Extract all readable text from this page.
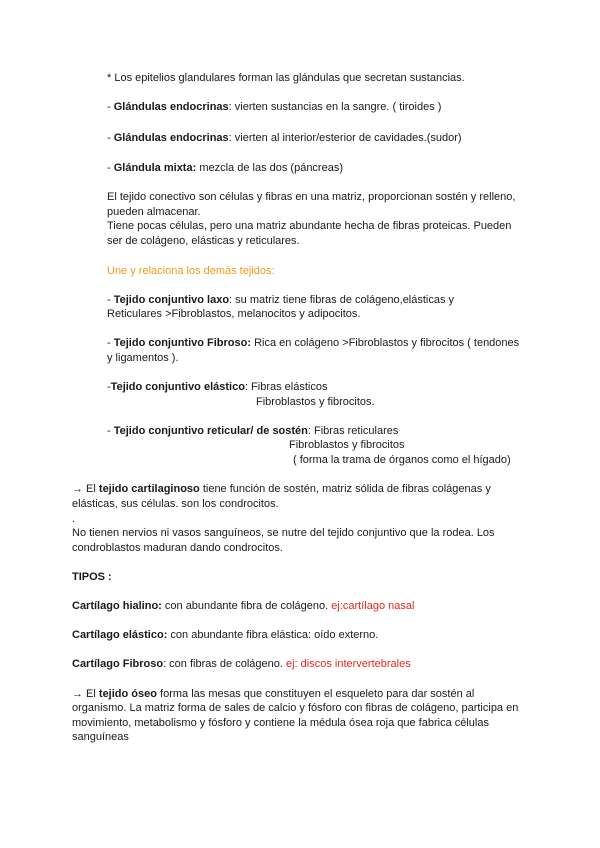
* Los epitelios glandulares forman las glándulas que secretan sustancias.
- Glándulas endocrinas: vierten sustancias en la sangre. ( tiroides )
- Glándulas endocrinas: vierten al interior/esterior de cavidades.(sudor)
- Glándula mixta: mezcla de las dos (páncreas)
El tejido conectivo son células y fibras en una matriz, proporcionan sostén y relleno,
pueden almacenar.
Tiene pocas células, pero una matriz abundante hecha de fibras proteicas. Pueden
ser de colágeno, elásticas y reticulares.
Une y relaciona los demás tejidos:
- Tejido conjuntivo laxo: su matriz tiene fibras de colágeno,elásticas y
Reticulares >Fibroblastos, melanocitos y adipocitos.
- Tejido conjuntivo Fibroso: Rica en colágeno >Fibroblastos y fibrocitos ( tendones
y ligamentos ).
-Tejido conjuntivo elástico: Fibras elásticos
Fibroblastos y fibrocitos.
- Tejido conjuntivo reticular/ de sostén: Fibras reticulares
Fibroblastos y fibrocitos
( forma la trama de órganos como el hígado)
→ El tejido cartilaginoso tiene función de sostén, matriz sólida de fibras colágenas y
elásticas, sus células. son los condrocitos.
.
No tienen nervios ni vasos sanguíneos, se nutre del tejido conjuntivo que la rodea. Los
condroblastos maduran dando condrocitos.
TIPOS :
Cartílago hialino: con abundante fibra de colágeno. ej:cartílago nasal
Cartílago elástico: con abundante fibra elástica: oído externo.
Cartílago Fibroso: con fibras de colágeno. ej: discos intervertebrales
→ El tejido óseo forma las mesas que constituyen el esqueleto para dar sostén al
organismo. La matriz forma de sales de calcio y fósforo con fibras de colágeno, participa en
movimiento, metabolismo y fósforo y contiene la médula ósea roja que fabrica células
sanguíneas
